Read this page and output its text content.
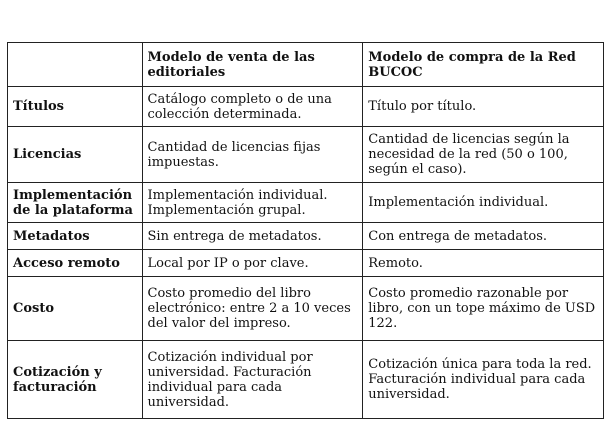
	Modelo de venta de las editoriales	Modelo de compra de la Red BUCOC
Títulos	Catálogo completo o de una colección determinada.	Título por título.
Licencias	Cantidad de licencias fijas impuestas.	Cantidad de licencias según la necesidad de la red (50 o 100, según el caso).
Implementación de la plataforma	Implementación individual. Implementación grupal.	Implementación individual.
Metadatos	Sin entrega de metadatos.	Con entrega de metadatos.
Acceso remoto	Local por IP o por clave.	Remoto.
Costo	Costo promedio del libro electrónico: entre 2 a 10 veces del valor del impreso.	Costo promedio razonable por libro, con un tope máximo de USD 122.
Cotización y facturación	Cotización individual por universidad. Facturación individual para cada universidad.	Cotización única para toda la red. Facturación individual para cada universidad.
